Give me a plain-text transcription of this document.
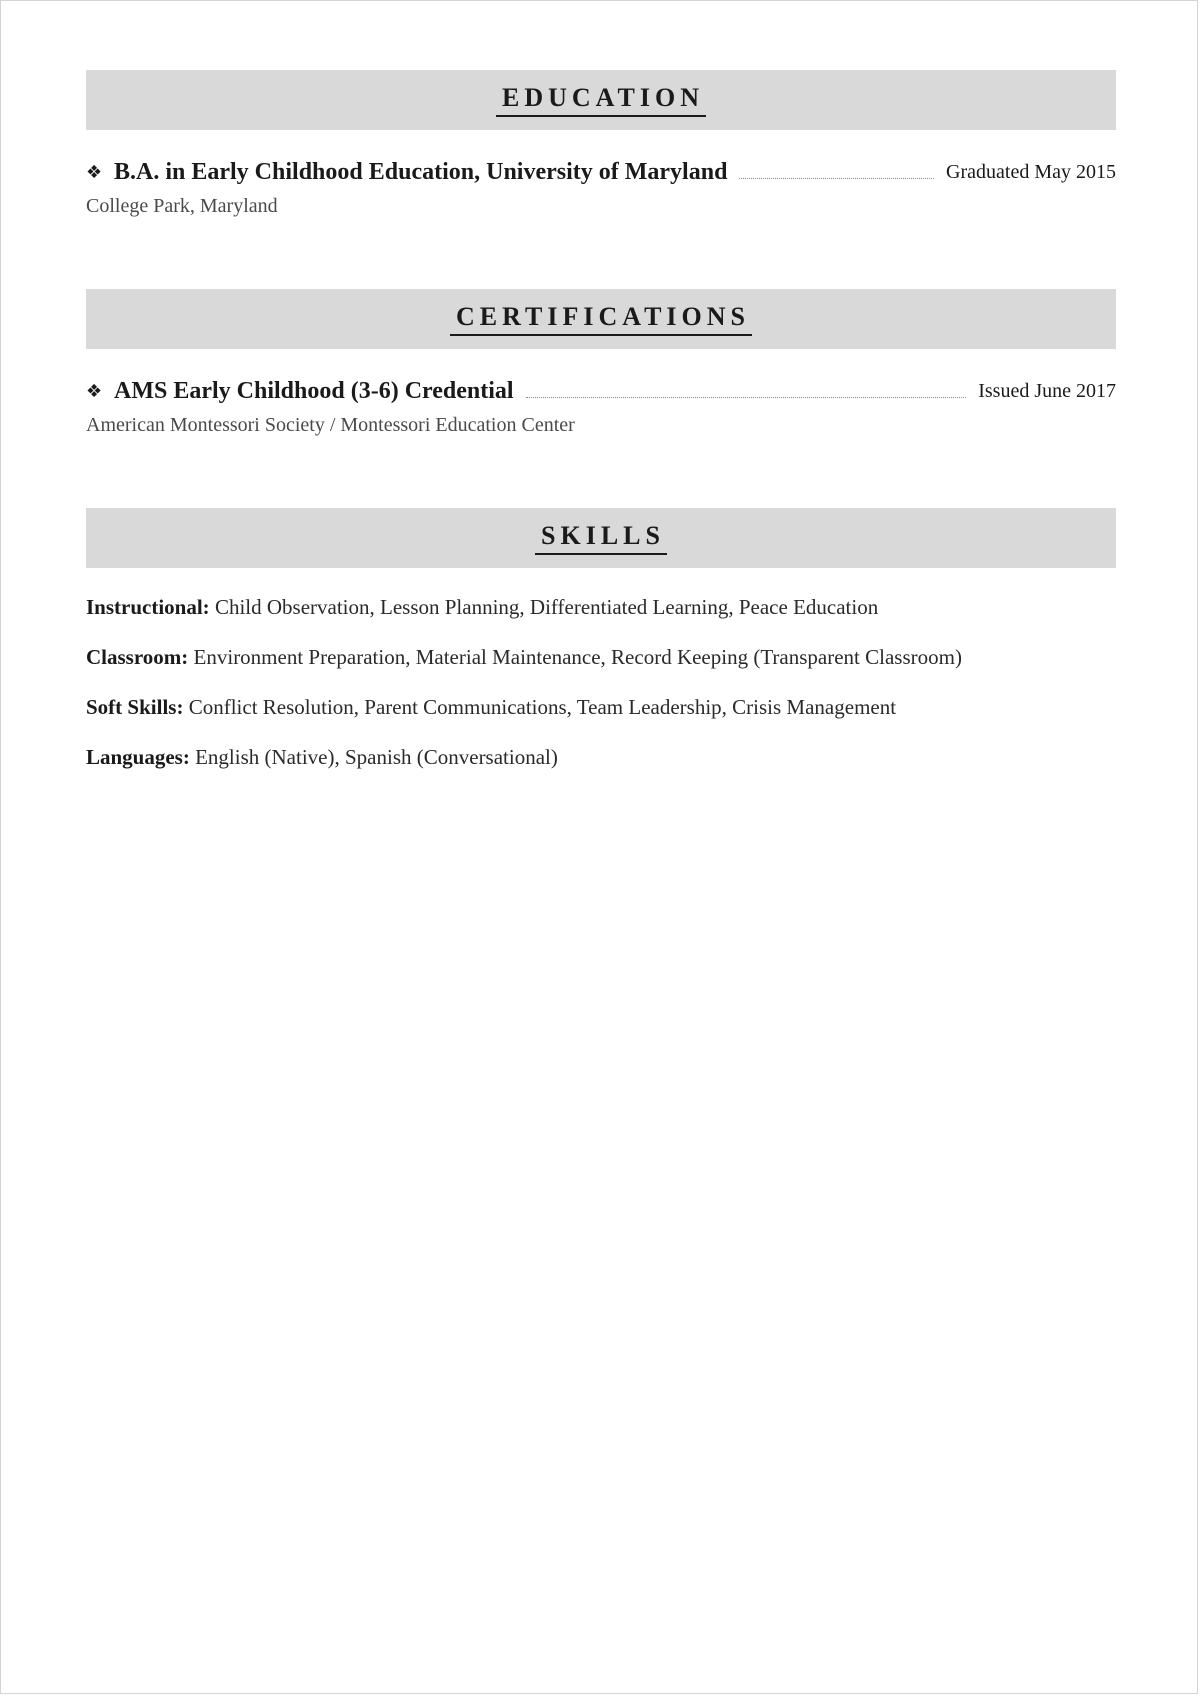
EDUCATION
❖ B.A. in Early Childhood Education, University of Maryland	Graduated May 2015
College Park, Maryland
CERTIFICATIONS
❖ AMS Early Childhood (3-6) Credential	Issued June 2017
American Montessori Society / Montessori Education Center
SKILLS
Instructional: Child Observation, Lesson Planning, Differentiated Learning, Peace Education
Classroom: Environment Preparation, Material Maintenance, Record Keeping (Transparent Classroom)
Soft Skills: Conflict Resolution, Parent Communications, Team Leadership, Crisis Management
Languages: English (Native), Spanish (Conversational)
